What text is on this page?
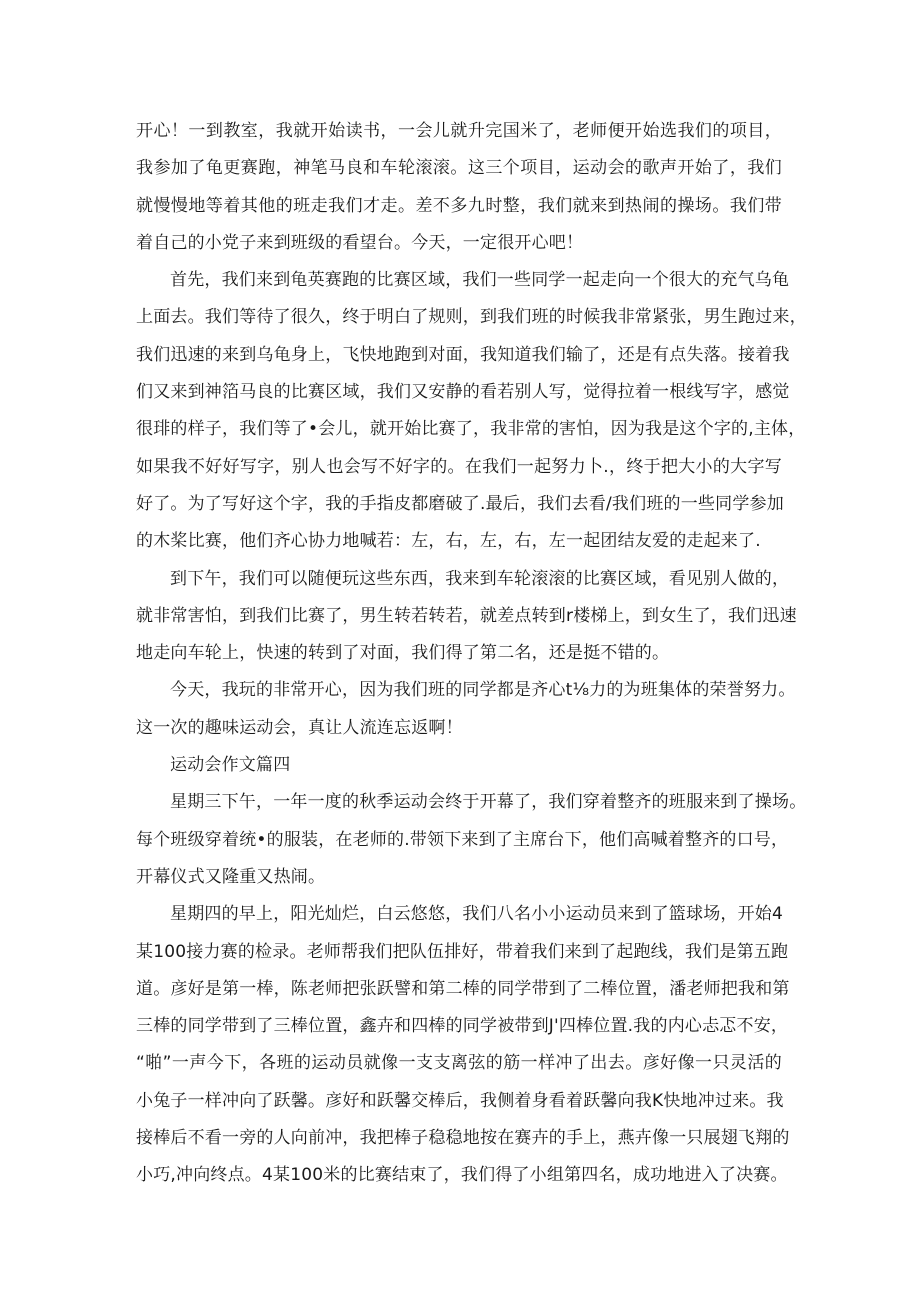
开心！一到教室，我就开始读书，一会儿就升完国米了，老师便开始选我们的项目，
我参加了龟更赛跑，神笔马良和车轮滚滚。这三个项目，运动会的歌声开始了，我们
就慢慢地等着其他的班走我们才走。差不多九时整，我们就来到热闹的操场。我们带
着自己的小党子来到班级的看望台。今天，一定很开心吧！
首先，我们来到龟英赛跑的比赛区域，我们一些同学一起走向一个很大的充气乌龟
上面去。我们等待了很久，终于明白了规则，到我们班的时候我非常紧张，男生跑过来，
我们迅速的来到乌龟身上，飞快地跑到对面，我知道我们输了，还是有点失落。接着我
们又来到神箔马良的比赛区域，我们又安静的看若别人写，觉得拉着一根线写字，感觉
很琲的样子，我们等了•会儿，就开始比赛了，我非常的害怕，因为我是这个字的,主体，
如果我不好好写字，别人也会写不好字的。在我们一起努力卜.，终于把大小的大字写
好了。为了写好这个字，我的手指皮都磨破了.最后，我们去看/我们班的一些同学参加
的木桨比赛，他们齐心协力地喊若：左，右，左，右，左一起团结友爱的走起来了.
到下午，我们可以随便玩这些东西，我来到车轮滚滚的比赛区域，看见别人做的，
就非常害怕，到我们比赛了，男生转若转若，就差点转到r楼梯上，到女生了，我们迅速
地走向车轮上，快速的转到了对面，我们得了第二名，还是挺不错的。
今天，我玩的非常开心，因为我们班的同学都是齐心t⅛力的为班集体的荣誉努力。
这一次的趣味运动会，真让人流连忘返啊！
运动会作文篇四
星期三下午，一年一度的秋季运动会终于开幕了，我们穿着整齐的班服来到了操场。
每个班级穿着统•的服装，在老师的.带领下来到了主席台下，他们高喊着整齐的口号，
开幕仪式又隆重又热闹。
星期四的早上，阳光灿烂，白云悠悠，我们八名小小运动员来到了篮球场，开始4
某100接力赛的检录。老师帮我们把队伍排好，带着我们来到了起跑线，我们是第五跑
道。彦好是第一棒，陈老师把张跃譬和第二棒的同学带到了二棒位置，潘老师把我和第
三棒的同学带到了三棒位置，鑫卉和四棒的同学被带到J'四棒位置.我的内心忐忑不安，
“啪”一声今下，各班的运动员就像一支支离弦的筋一样冲了出去。彦好像一只灵活的
小兔子一样冲向了跃馨。彦好和跃馨交棒后，我侧着身看着跃馨向我K快地冲过来。我
接棒后不看一旁的人向前冲，我把棒子稳稳地按在赛卉的手上，燕卉像一只展翅飞翔的
小巧,冲向终点。4某100米的比赛结束了，我们得了小组第四名，成功地进入了决赛。
